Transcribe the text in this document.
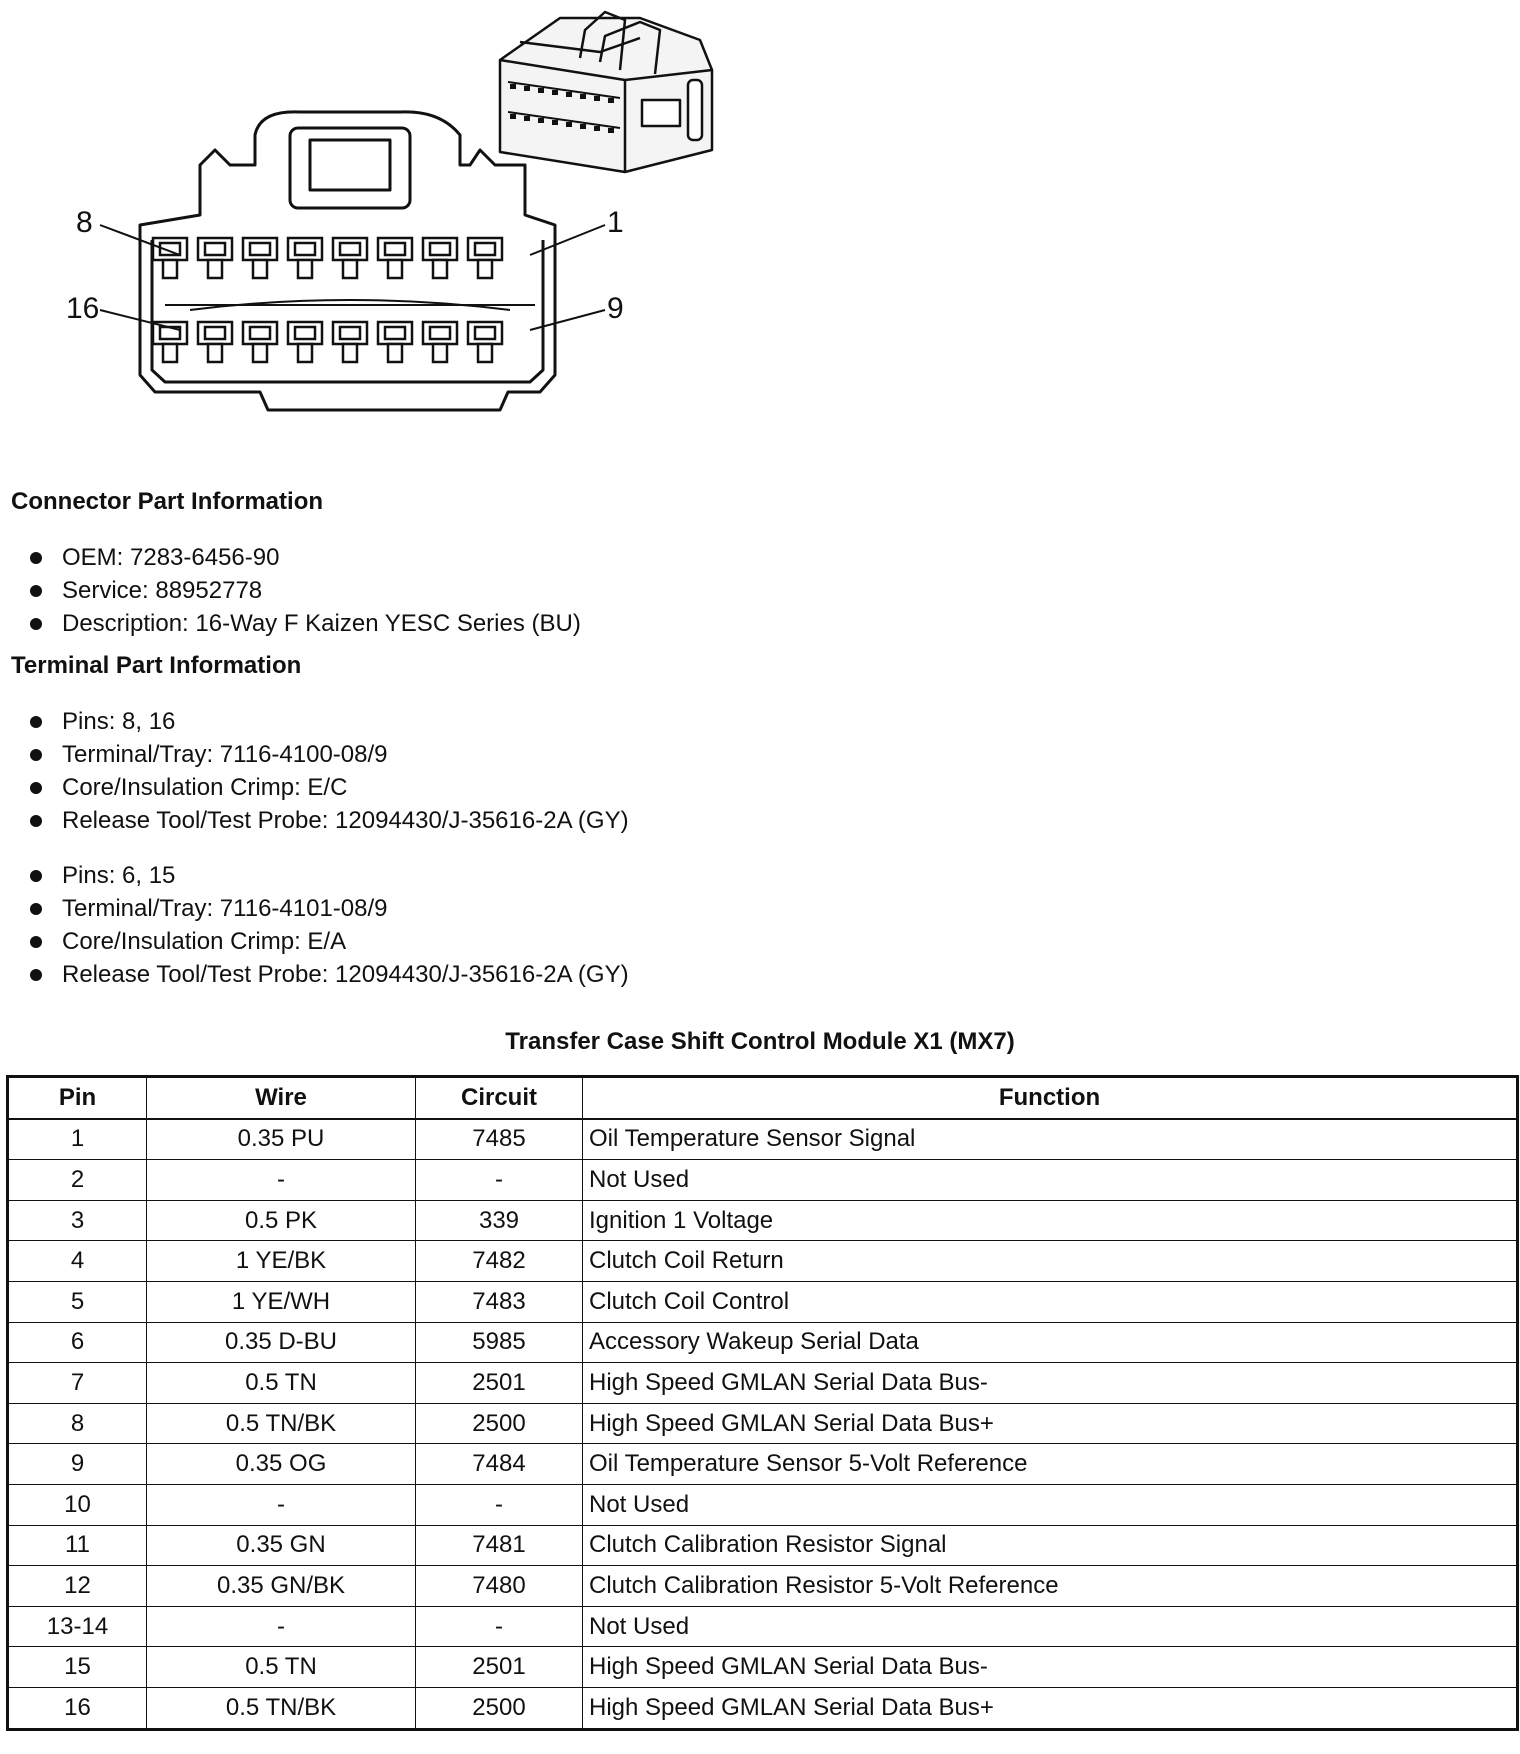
8	1
16	9
Connector Part Information
OEM: 7283-6456-90
Service: 88952778
Description: 16-Way F Kaizen YESC Series (BU)
Terminal Part Information
Pins: 8, 16
Terminal/Tray: 7116-4100-08/9
Core/Insulation Crimp: E/C
Release Tool/Test Probe: 12094430/J-35616-2A (GY)
Pins: 6, 15
Terminal/Tray: 7116-4101-08/9
Core/Insulation Crimp: E/A
Release Tool/Test Probe: 12094430/J-35616-2A (GY)
Transfer Case Shift Control Module X1 (MX7)
Pin	Wire	Circuit	Function
1	0.35 PU	7485	Oil Temperature Sensor Signal
2	-	-	Not Used
3	0.5 PK	339	Ignition 1 Voltage
4	1 YE/BK	7482	Clutch Coil Return
5	1 YE/WH	7483	Clutch Coil Control
6	0.35 D-BU	5985	Accessory Wakeup Serial Data
7	0.5 TN	2501	High Speed GMLAN Serial Data Bus-
8	0.5 TN/BK	2500	High Speed GMLAN Serial Data Bus+
9	0.35 OG	7484	Oil Temperature Sensor 5-Volt Reference
10	-	-	Not Used
11	0.35 GN	7481	Clutch Calibration Resistor Signal
12	0.35 GN/BK	7480	Clutch Calibration Resistor 5-Volt Reference
13-14	-	-	Not Used
15	0.5 TN	2501	High Speed GMLAN Serial Data Bus-
16	0.5 TN/BK	2500	High Speed GMLAN Serial Data Bus+
